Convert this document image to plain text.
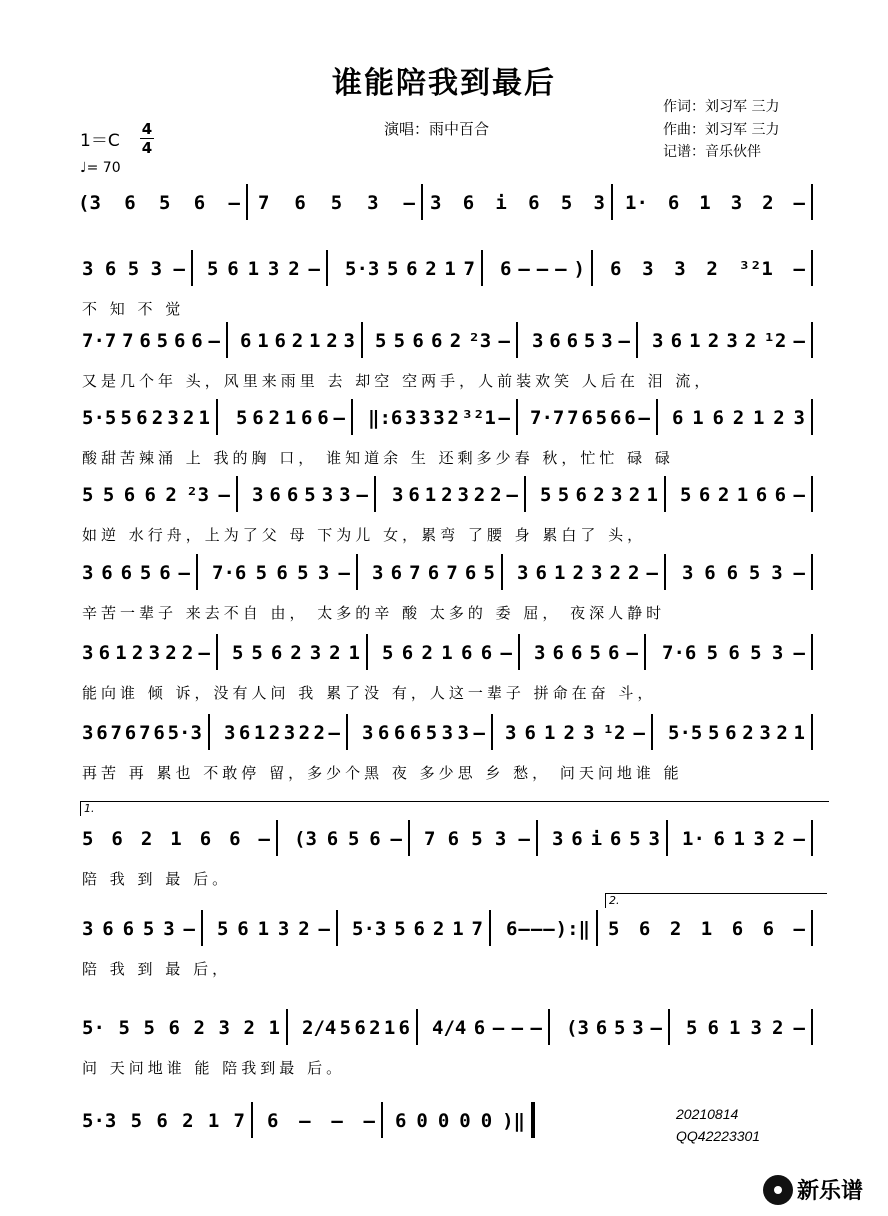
谁能陪我到最后
演唱：雨中百合
作词：刘习军 三力
作曲：刘习军 三力
记谱：音乐伙伴
$1=C \frac{4}{4}$
♩= 70
(3 6 5 6 – 7 6 5 3 – 3 6 i 6 5 3 1· 6 1 3 2 –
3 6 5 3 – 5 6 1 3 2 – 5·3 5 6 2 1 7 6 – – – ) 6 3 3 2 ³²1 –
不 知 不 觉
7·7 7 6 5 6 6 – 6 1 6 2 1 2 3 5 5 6 6 2 ²3 – 3 6 6 5 3 – 3 6 1 2 3 2 ¹2 –
又是几个年 头，风里来雨里 去 却空 空两手，人前装欢笑 人后在 泪 流，
5·5 5 6 2 3 2 1 5 6 2 1 6 6 – ‖:6 3 3 3 2 ³²1 – 7·7 7 6 5 6 6 – 6 1 6 2 1 2 3
酸甜苦辣涌 上 我的胸 口， 谁知道余 生 还剩多少春 秋，忙忙 碌 碌
5 5 6 6 2 ²3 – 3 6 6 5 3 3 – 3 6 1 2 3 2 2 – 5 5 6 2 3 2 1 5 6 2 1 6 6 –
如逆 水行舟，上为了父 母 下为儿 女，累弯 了腰 身 累白了 头，
3 6 6 5 6 – 7·6 5 6 5 3 – 3 6 7 6 7 6 5 3 6 1 2 3 2 2 – 3 6 6 5 3 –
辛苦一辈子 来去不自 由， 太多的辛 酸 太多的 委 屈， 夜深人静时
3 6 1 2 3 2 2 – 5 5 6 2 3 2 1 5 6 2 1 6 6 – 3 6 6 5 6 – 7·6 5 6 5 3 –
能向谁 倾 诉，没有人问 我 累了没 有，人这一辈子 拼命在奋 斗，
3 6 7 6 7 6 5·3 3 6 1 2 3 2 2 – 3 6 6 6 5 3 3 – 3 6 1 2 3 ¹2 – 5·5 5 6 2 3 2 1
再苦 再 累也 不敢停 留，多少个黑 夜 多少思 乡 愁， 问天问地谁 能
5 6 2 1 6 6 – (3 6 5 6 – 7 6 5 3 – 3 6 i 6 5 3 1· 6 1 3 2 –
陪 我 到 最 后。
3 6 6 5 3 – 5 6 1 3 2 – 5·3 5 6 2 1 7 6 – – – ):‖ 5 6 2 1 6 6 –
陪 我 到 最 后，
5· 5 5 6 2 3 2 1 2/4 5 6 2 1 6 4/4 6 – – – (3 6 5 3 – 5 6 1 3 2 –
问 天问地谁 能 陪我到最 后。
5·3 5 6 2 1 7 6 – – – 6 0 0 0 0 )‖
1.
2.
20210814
QQ42223301
新乐谱
